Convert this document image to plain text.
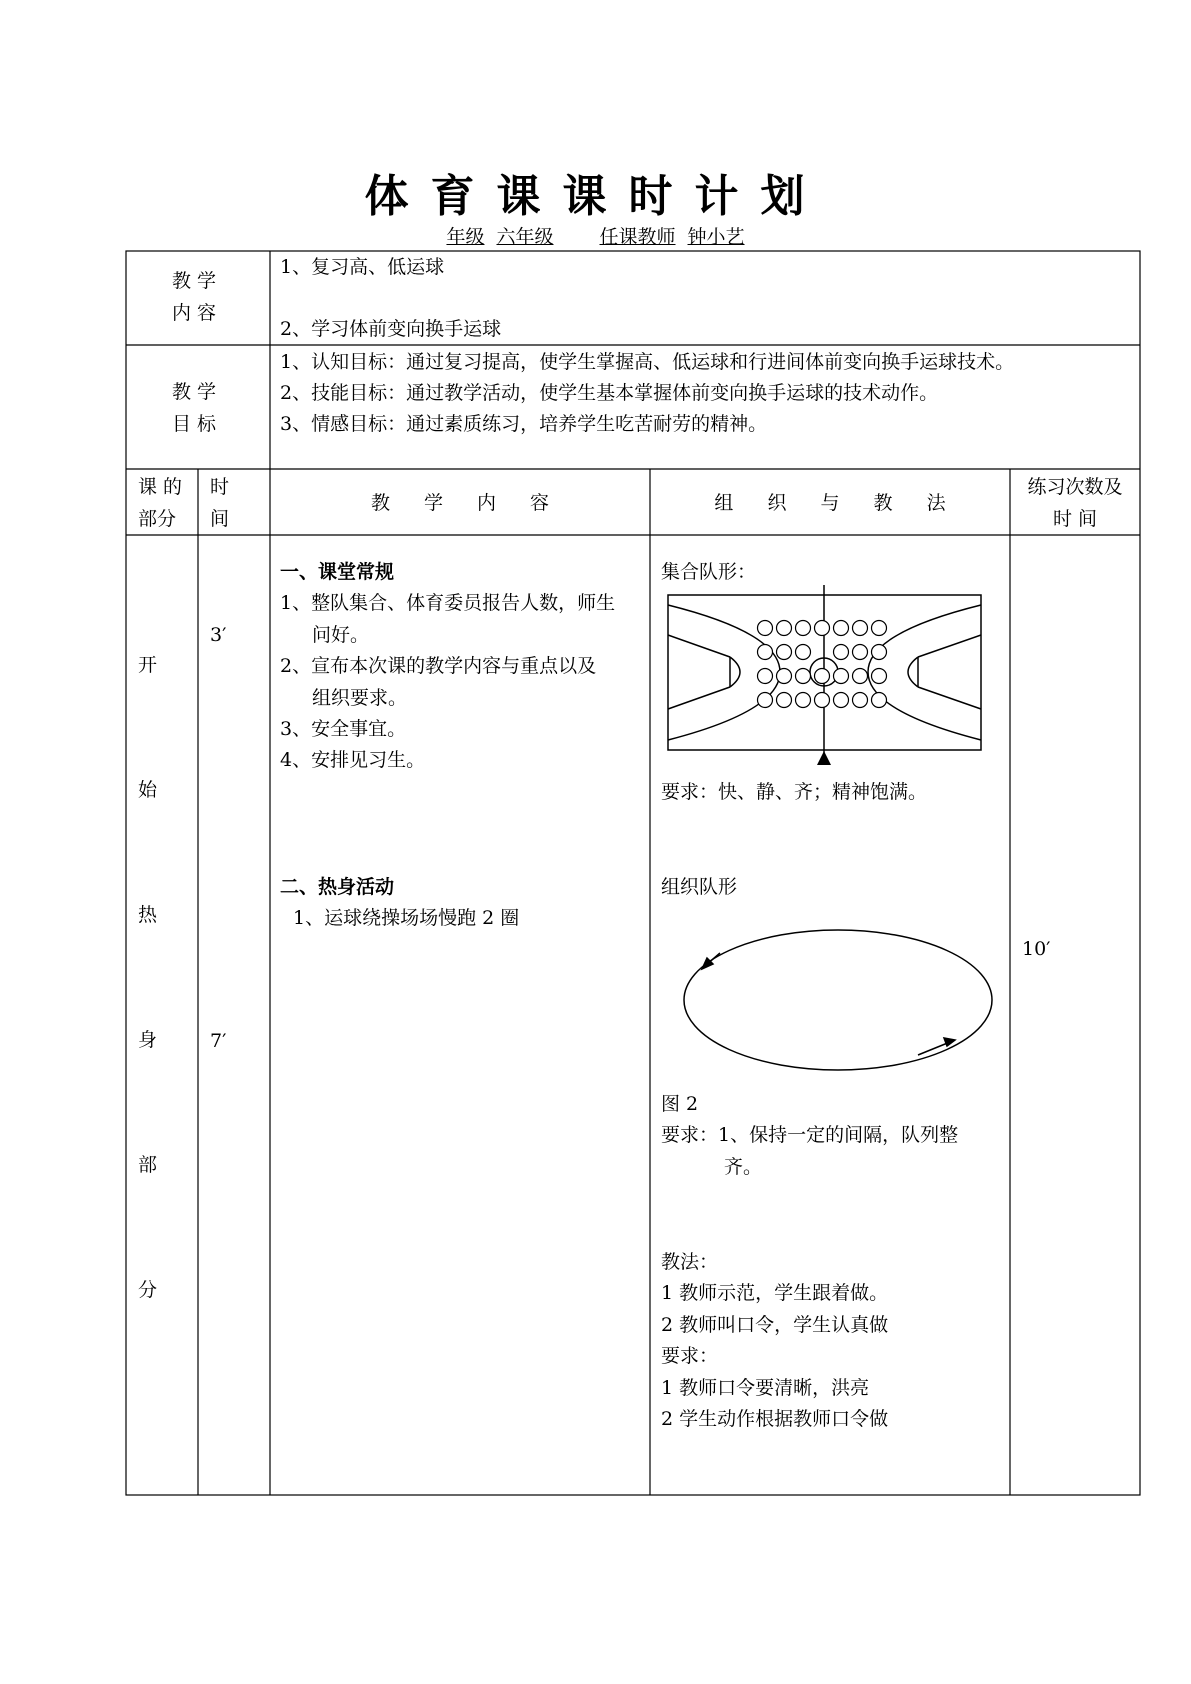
体育课课时计划
年级 六年级 任课教师 钟小艺
教 学
内 容
1、复习高、低运球
2、学习体前变向换手运球
教 学
目 标
1、认知目标：通过复习提高，使学生掌握高、低运球和行进间体前变向换手运球技术。
2、技能目标：通过教学活动，使学生基本掌握体前变向换手运球的技术动作。
3、情感目标：通过素质练习，培养学生吃苦耐劳的精神。
课 的
部分
时
间
教 学 内 容	组 织 与 教 法
练习次数及
时 间
开
始
热
身
部
分
3′
7′
一、课堂常规
1、整队集合、体育委员报告人数，师生
问好。
2、宣布本次课的教学内容与重点以及
组织要求。
3、安全事宜。
4、安排见习生。
二、热身活动
1、运球绕操场场慢跑 2 圈
集合队形：
要求：快、静、齐；精神饱满。
组织队形
图 2
要求：1、保持一定的间隔，队列整
齐。
教法：
1 教师示范，学生跟着做。
2 教师叫口令，学生认真做
要求：
1 教师口令要清晰，洪亮
2 学生动作根据教师口令做
10′
